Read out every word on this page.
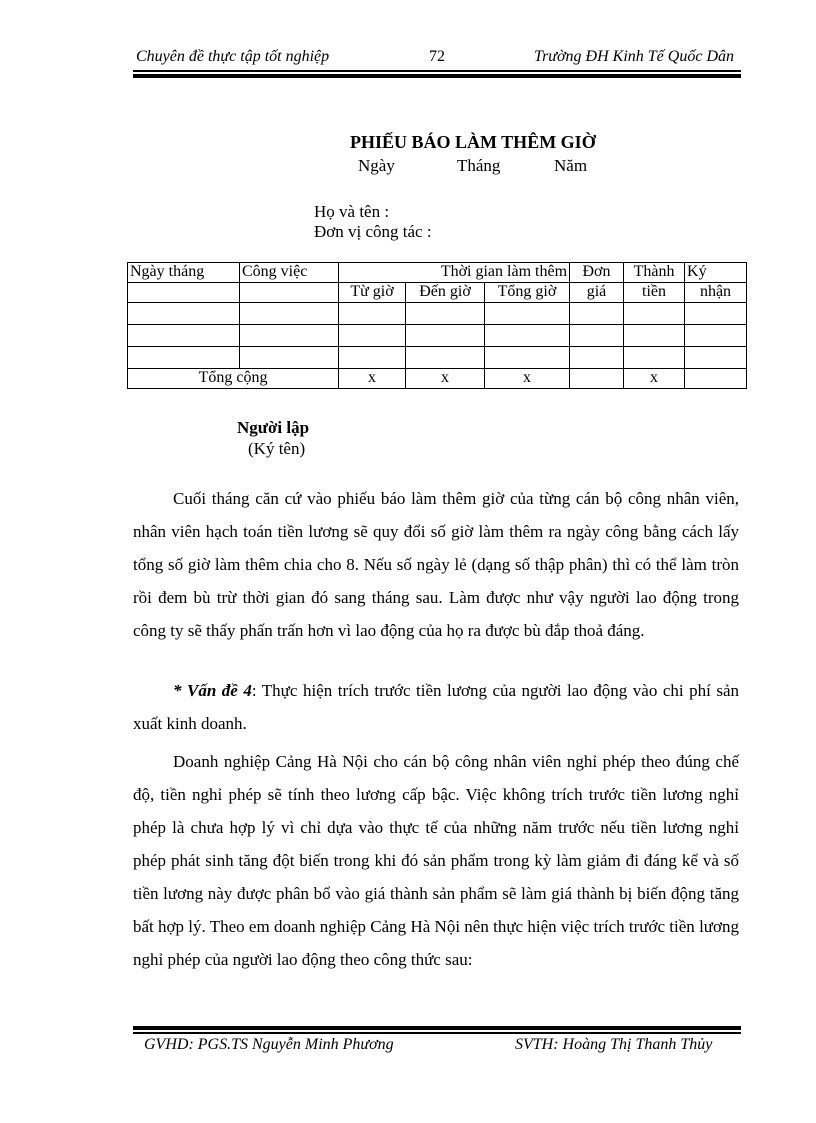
Chuyên đề thực tập tốt nghiệp	72	Trường ĐH Kinh Tế Quốc Dân
PHIẾU BÁO LÀM THÊM GIỜ
Ngày	Tháng	Năm
Họ và tên :
Đơn vị công tác :
Ngày tháng	Công việc	Thời gian làm thêm			Đơn	Thành	Ký
		Từ giờ	Đến giờ	Tổng giờ	giá	tiền	nhận

Tổng cộng		x	x	x		x	
Người lập
(Ký tên)
Cuối tháng căn cứ vào phiếu báo làm thêm giờ của từng cán bộ công nhân viên, nhân viên hạch toán tiền lương sẽ quy đổi số giờ làm thêm ra ngày công bằng cách lấy tổng số giờ làm thêm chia cho 8. Nếu số ngày lẻ (dạng số thập phân) thì có thể làm tròn rồi đem bù trừ thời gian đó sang tháng sau. Làm được như vậy người lao động trong công ty sẽ thấy phấn trấn hơn vì lao động của họ ra được bù đắp thoả đáng.
* Vấn đề 4: Thực hiện trích trước tiền lương của người lao động vào chi phí sản xuất kinh doanh.
Doanh nghiệp Cảng Hà Nội cho cán bộ công nhân viên nghỉ phép theo đúng chế độ, tiền nghỉ phép sẽ tính theo lương cấp bậc. Việc không trích trước tiền lương nghỉ phép là chưa hợp lý vì chỉ dựa vào thực tế của những năm trước nếu tiền lương nghỉ phép phát sinh tăng đột biến trong khi đó sản phẩm trong kỳ làm giảm đi đáng kể và số tiền lương này được phân bổ vào giá thành sản phẩm sẽ làm giá thành bị biến động tăng bất hợp lý. Theo em doanh nghiệp Cảng Hà Nội nên thực hiện việc trích trước tiền lương nghỉ phép của người lao động theo công thức sau:
GVHD: PGS.TS Nguyễn Minh Phương	SVTH: Hoàng Thị Thanh Thủy
